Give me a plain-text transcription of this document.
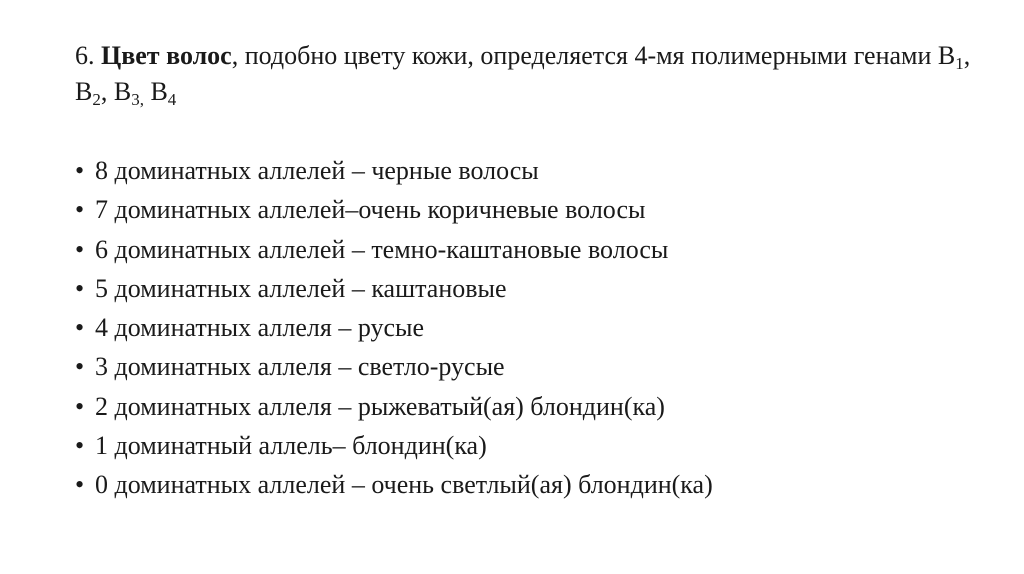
6. Цвет волос, подобно цвету кожи, определяется 4-мя полимерными генами $B_1$, $B_2$, $B_{3,}$ $B_4$
• 8 доминатных аллелей – черные волосы
• 7 доминатных аллелей–очень коричневые волосы
• 6 доминатных аллелей – темно-каштановые волосы
• 5 доминатных аллелей – каштановые
• 4 доминатных аллеля – русые
• 3 доминатных аллеля – светло-русые
• 2 доминатных аллеля – рыжеватый(ая) блондин(ка)
• 1 доминатный аллель– блондин(ка)
• 0 доминатных аллелей – очень светлый(ая) блондин(ка)
